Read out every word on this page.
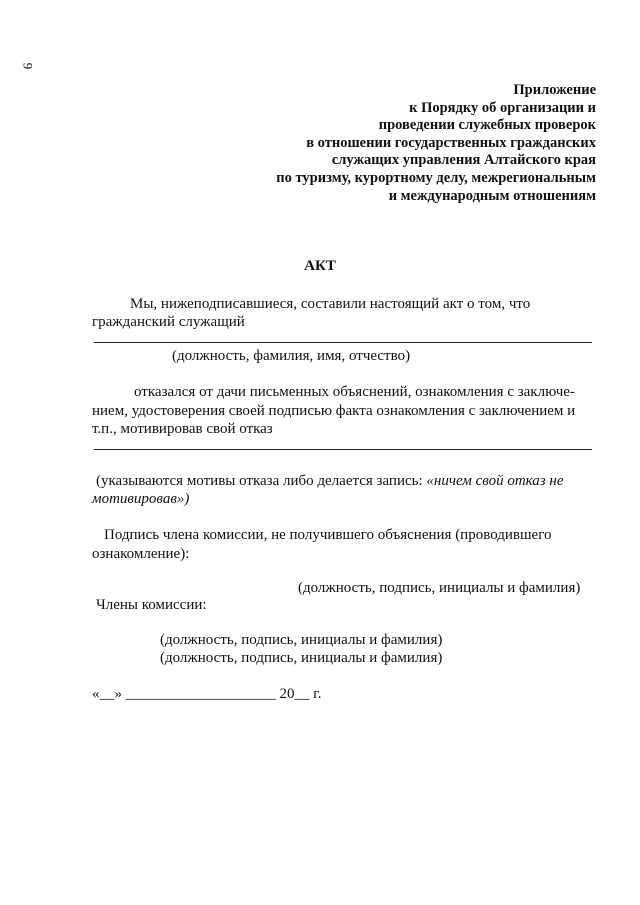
9
Приложение
к Порядку об организации и
проведении служебных проверок
в отношении государственных гражданских
служащих управления Алтайского края
по туризму, курортному делу, межрегиональным
и международным отношениям
АКТ
Мы, нижеподписавшиеся, составили настоящий акт о том, что
гражданский служащий
(должность, фамилия, имя, отчество)
отказался от дачи письменных объяснений, ознакомления с заключе-
нием, удостоверения своей подписью факта ознакомления с заключением и
т.п., мотивировав свой отказ
(указываются мотивы отказа либо делается запись: «ничем свой отказ не
мотивировав»)
Подпись члена комиссии, не получившего объяснения (проводившего
ознакомление):
(должность, подпись, инициалы и фамилия)
Члены комиссии:
(должность, подпись, инициалы и фамилия)
(должность, подпись, инициалы и фамилия)
«__» ____________________ 20__ г.
